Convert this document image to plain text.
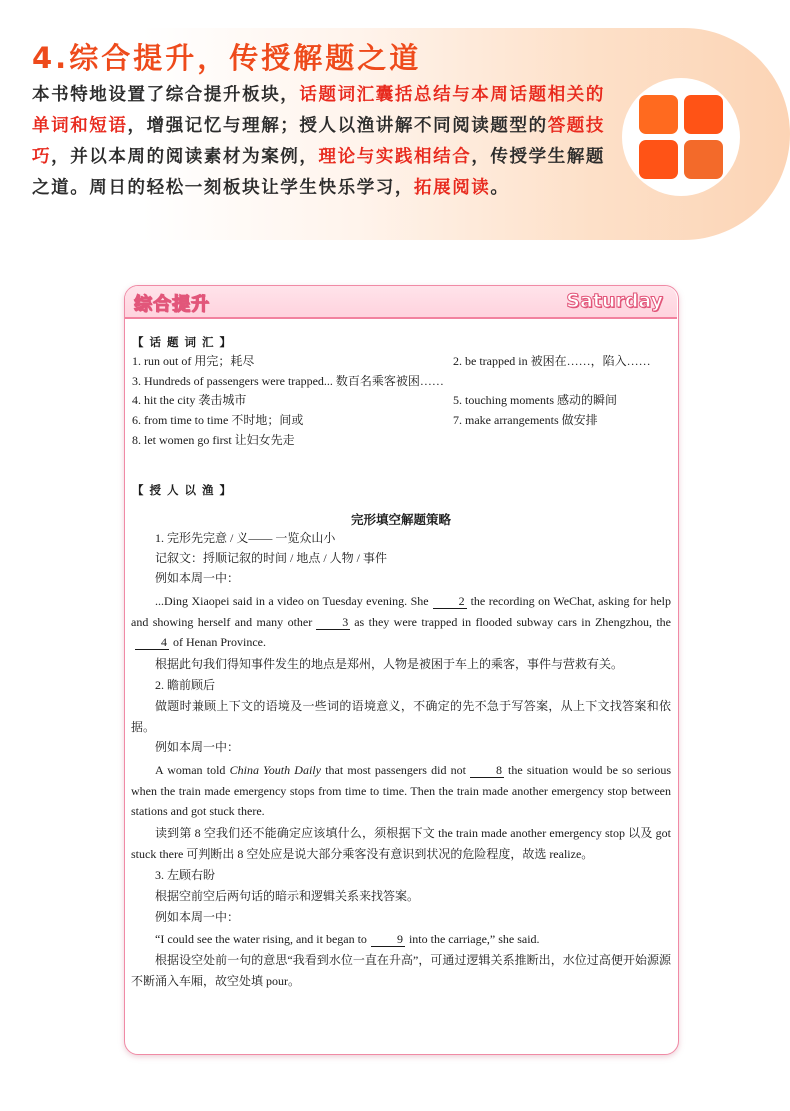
4.综合提升，传授解题之道
本书特地设置了综合提升板块，话题词汇囊括总结与本周话题相关的单词和短语，增强记忆与理解；授人以渔讲解不同阅读题型的答题技巧，并以本周的阅读素材为案例，理论与实践相结合，传授学生解题之道。周日的轻松一刻板块让学生快乐学习，拓展阅读。
综合提升	Saturday
【 话 题 词 汇 】
1. run out of 用完；耗尽	2. be trapped in 被困在……，陷入……
3. Hundreds of passengers were trapped... 数百名乘客被困……
4. hit the city 袭击城市	5. touching moments 感动的瞬间
6. from time to time 不时地；间或	7. make arrangements 做安排
8. let women go first 让妇女先走
【 授 人 以 渔 】
完形填空解题策略
1. 完形先完意 / 义—— 一览众山小
记叙文：捋顺记叙的时间 / 地点 / 人物 / 事件
例如本周一中：
...Ding Xiaopei said in a video on Tuesday evening. She	2 the recording on WeChat, asking for help and showing herself and many other	3 as they were trapped in flooded subway cars in Zhengzhou, the4 of Henan Province.
根据此句我们得知事件发生的地点是郑州，人物是被困于车上的乘客，事件与营救有关。
2. 瞻前顾后
做题时兼顾上下文的语境及一些词的语境意义，不确定的先不急于写答案，从上下文找答案和依据。
例如本周一中：
A woman told China Youth Daily that most passengers did not	8 the situation would be so serious when the train made emergency stops from time to time. Then the train made another emergency stop between stations and got stuck there.
读到第 8 空我们还不能确定应该填什么，须根据下文 the train made another emergency stop 以及 got stuck there 可判断出 8 空处应是说大部分乘客没有意识到状况的危险程度，故选 realize。
3. 左顾右盼
根据空前空后两句话的暗示和逻辑关系来找答案。
例如本周一中：
“I could see the water rising, and it began to	9 into the carriage,” she said.
根据设空处前一句的意思“我看到水位一直在升高”，可通过逻辑关系推断出，水位过高便开始源源不断涌入车厢，故空处填 pour。
